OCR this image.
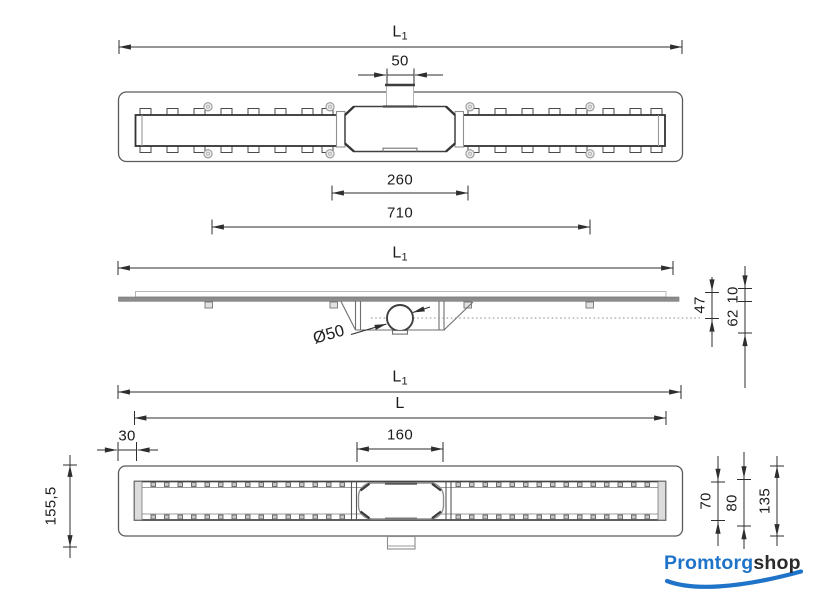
$L_1$
50
260
710
$L_1$
Ø50
47
10
62
$L_1$
L
30	160
155,5	70 80 135
Promtorgshop
